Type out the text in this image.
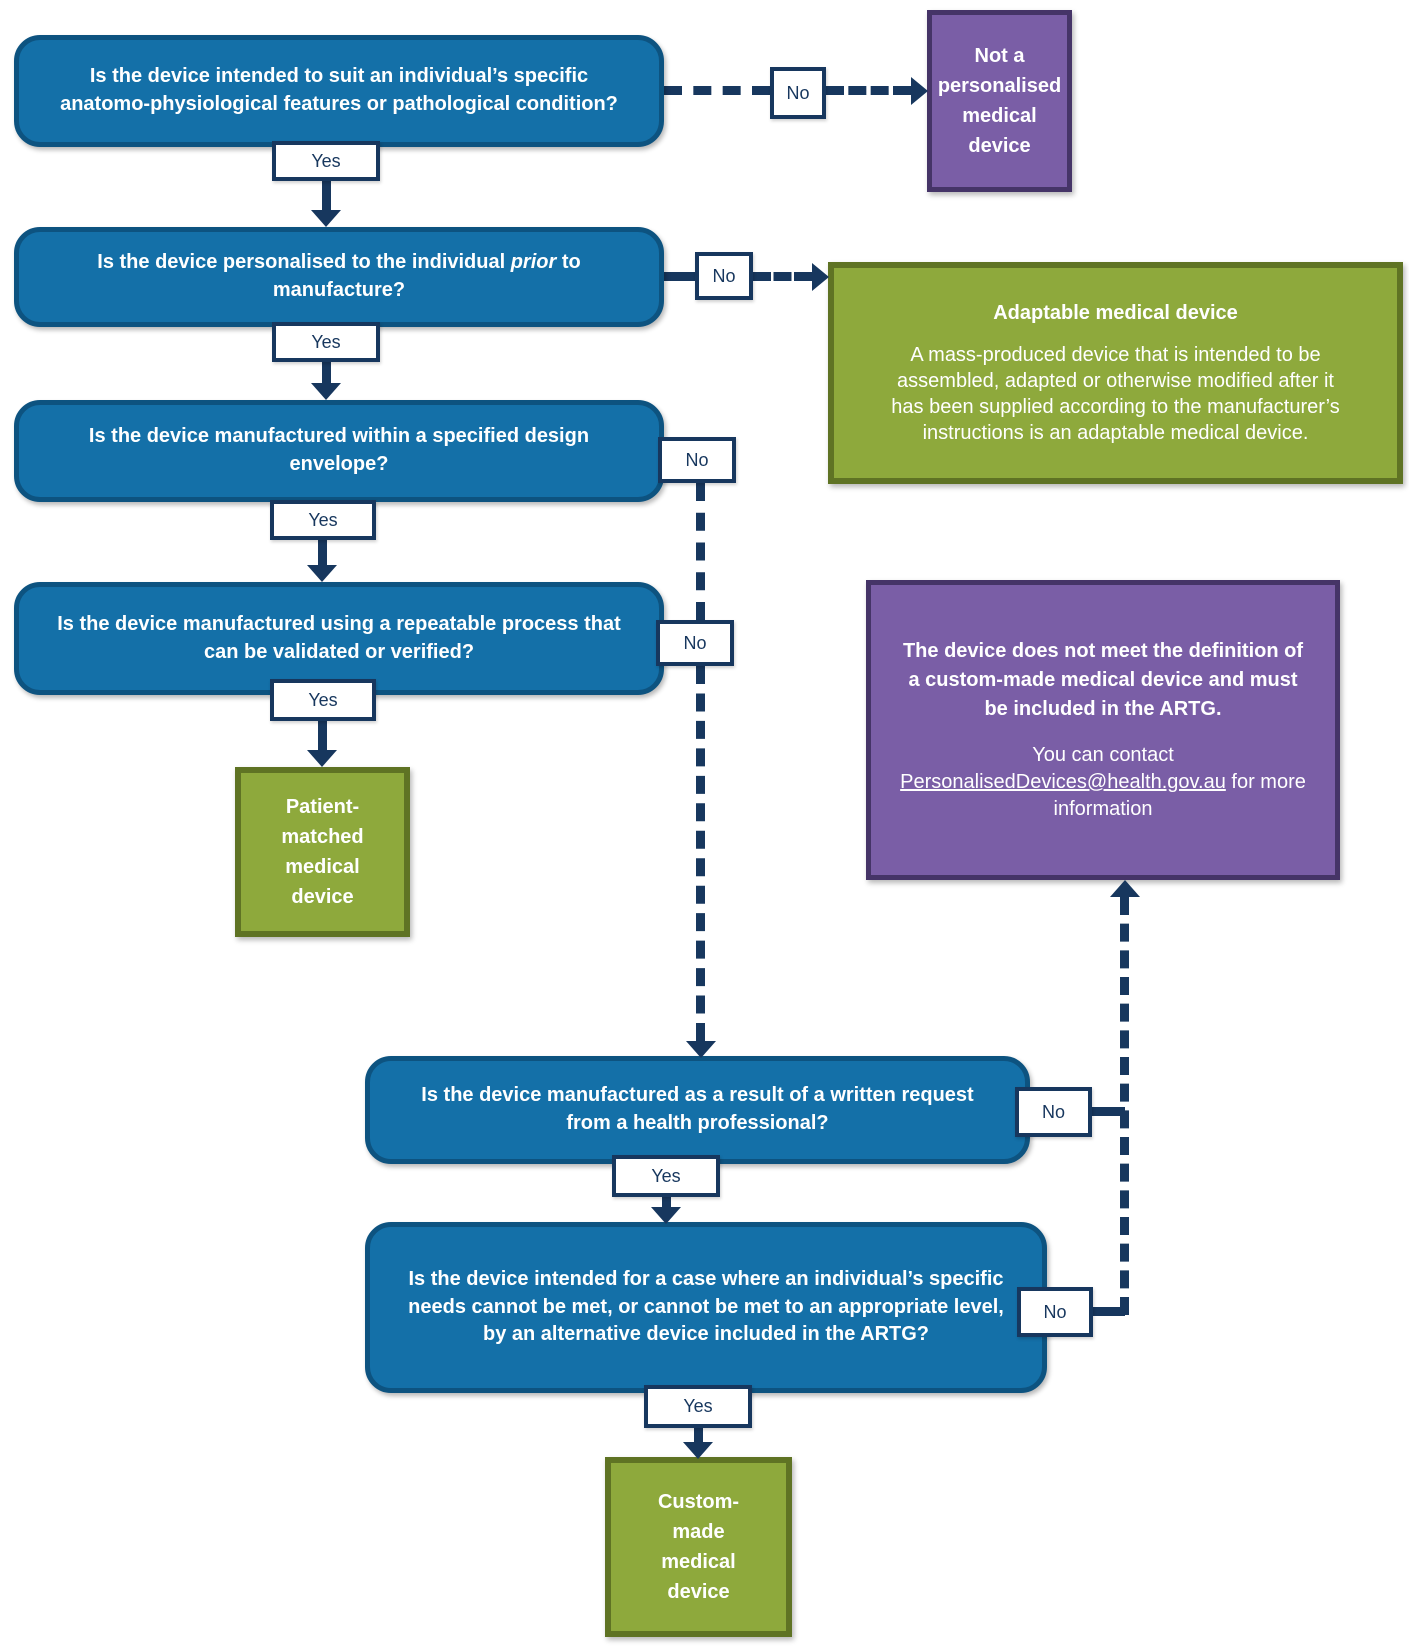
Is the device intended to suit an individual’s specific anatomo-physiological features or pathological condition?
Yes
No
Not a personalised medical device
Is the device personalised to the individual prior to manufacture?
Yes
No
Adaptable medical device
A mass-produced device that is intended to be assembled, adapted or otherwise modified after it has been supplied according to the manufacturer’s instructions is an adaptable medical device.
Is the device manufactured within a specified design envelope?
Yes
No
Is the device manufactured using a repeatable process that can be validated or verified?
Yes
Patient-matched medical device
No	The device does not meet the definition of a custom-made medical device and must be included in the ARTG.
You can contact PersonalisedDevices@health.gov.au for more information
Is the device manufactured as a result of a written request from a health professional?
Yes
No
Is the device intended for a case where an individual’s specific needs cannot be met, or cannot be met to an appropriate level, by an alternative device included in the ARTG?
Yes
No
Custom-made medical device
